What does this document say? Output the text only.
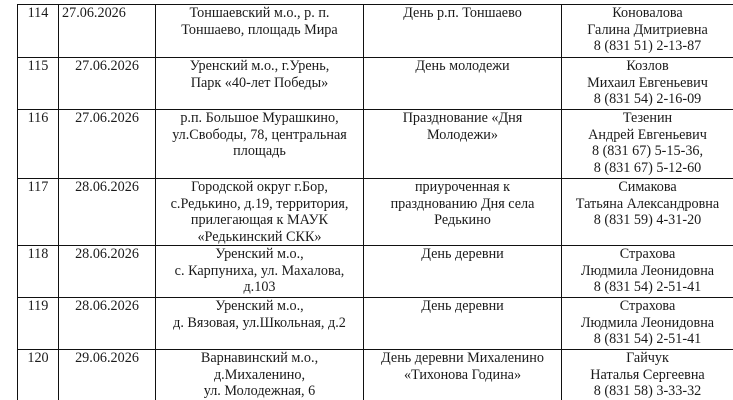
114	27.06.2026	Тоншаевский м.о., р. п.
Тоншаево, площадь Мира	День р.п. Тоншаево	Коновалова
Галина Дмитриевна
8 (831 51) 2-13-87

115	27.06.2026	Уренский м.о., г.Урень,
Парк «40-лет Победы»	День молодежи	Козлов
Михаил Евгеньевич
8 (831 54) 2-16-09

116	27.06.2026	р.п. Большое Мурашкино,
ул.Свободы, 78, центральная
площадь	Празднование «Дня
Молодежи»	Тезенин
Андрей Евгеньевич
8 (831 67) 5-15-36,
8 (831 67) 5-12-60

117	28.06.2026	Городской округ г.Бор,
с.Редькино, д.19, территория,
прилегающая к МАУК
«Редькинский СКК»	приуроченная к
празднованию Дня села
Редькино	Симакова
Татьяна Александровна
8 (831 59) 4-31-20

118	28.06.2026	Уренский м.о.,
с. Карпуниха, ул. Махалова,
д.103	День деревни	Страхова
Людмила Леонидовна
8 (831 54) 2-51-41

119	28.06.2026	Уренский м.о.,
д. Вязовая, ул.Школьная, д.2	День деревни	Страхова
Людмила Леонидовна
8 (831 54) 2-51-41

120	29.06.2026	Варнавинский м.о.,
д.Михаленино,
ул. Молодежная, 6	День деревни Михаленино
«Тихонова Година»	Гайчук
Наталья Сергеевна
8 (831 58) 3-33-32
